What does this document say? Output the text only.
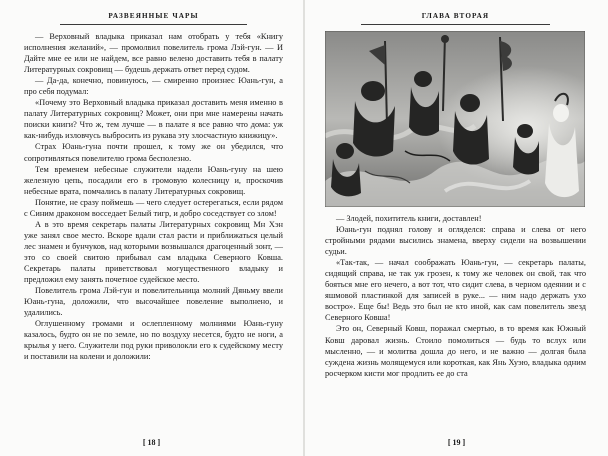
РАЗВЕЯННЫЕ ЧАРЫ

— Верховный владыка приказал нам отобрать у тебя «Книгу исполнения желаний», — промолвил повелитель грома Лэй-гун. — И Дайте мне ее или не найдем, все равно велено доставить тебя в палату Литературных сокровищ — будешь держать ответ перед судом.

— Да-да, конечно, повинуюсь, — смиренно произнес Юань-гун, а про себя подумал:

«Почему это Верховный владыка приказал доставить меня именно в палату Литературных сокровищ? Может, они при мне намерены начать поиски книги? Что ж, тем лучше — в палате я все равно что дома: уж как-нибудь изловчусь выбросить из рукава эту злосчастную книжицу».

Страх Юань-гуна почти прошел, к тому же он убедился, что сопротивляться повелителю грома бесполезно.

Тем временем небесные служители надели Юань-гуну на шею железную цепь, посадили его в громовую колесницу и, проскочив небесные врата, помчались в палату Литературных сокровищ.

Понятие, не сразу поймешь — чего следует остерегаться, если рядом с Синим драконом восседает Белый тигр, и добро соседствует со злом!

А в это время секретарь палаты Литературных сокровищ Мн Хэн уже занял свое место. Вскоре вдали стал расти и приближаться целый лес знамен и бунчуков, над которыми возвышался драгоценный зонт, — это со своей свитою прибывал сам владыка Северного Ковша. Секретарь палаты приветствовал могущественного владыку и предложил ему занять почетное судейское место.

Повелитель грома Лэй-гун и повелительница молний Дяньму ввели Юань-гуна, доложили, что высочайшее повеление выполнено, и удалились.

Оглушенному громами и ослепленному молниями Юань-гуну казалось, будто он не по земле, но по воздуху несется, будто не ноги, а крылья у него. Служители под руки приволокли его к судейскому месту и поставили на колени и доложили:

[ 18 ]
ГЛАВА ВТОРАЯ

— Злодей, похититель книги, доставлен!

Юань-гун поднял голову и огляделся: справа и слева от него стройными рядами высились знамена, вверху сидели на возвышении судьи.

«Так-так, — начал соображать Юань-гун, — секретарь палаты, сидящий справа, не так уж грозен, к тому же человек он свой, так что бояться мне его нечего, а вот тот, что сидит слева, в черном одеянии и с яшмовой пластинкой для записей в руке... — ним надо держать ухо востро». Еще бы! Ведь это был не кто иной, как сам повелитель звезд Северного Ковша!

Это он, Северный Ковш, поражал смертью, в то время как Южный Ковш даровал жизнь. Стоило помолиться — будь то вслух или мысленно, — и молитва дошла до него, и не важно — долгая была суждена жизнь молящемуся или короткая, как Янь Хуэю, владыка одним росчерком кисти мог продлить ее до ста

[ 19 ]
